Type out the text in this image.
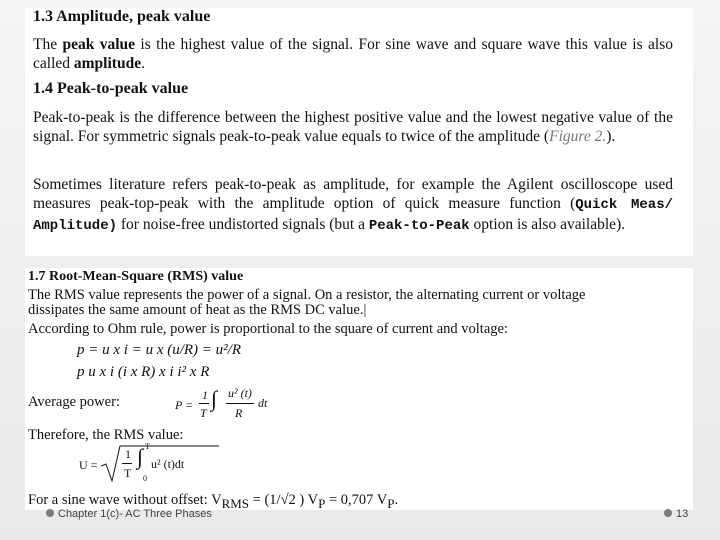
1.3 Amplitude, peak value
The peak value is the highest value of the signal. For sine wave and square wave this value is also called amplitude.
1.4 Peak-to-peak value
Peak-to-peak is the difference between the highest positive value and the lowest negative value of the signal. For symmetric signals peak-to-peak value equals to twice of the amplitude (Figure 2.).
Sometimes literature refers peak-to-peak as amplitude, for example the Agilent oscilloscope used measures peak-top-peak with the amplitude option of quick measure function (Quick Meas/ Amplitude) for noise-free undistorted signals (but a Peak-to-Peak option is also available).
1.7 Root-Mean-Square (RMS) value
The RMS value represents the power of a signal. On a resistor, the alternating current or voltage
dissipates the same amount of heat as the RMS DC value.|
According to Ohm rule, power is proportional to the square of current and voltage:
p = u x i = u x (u/R) = u²/R
p u x i (i x R) x i i² x R
Average power:	P =
1
T
∫ u² (t)
R
dt
Therefore, the RMS value:
U =
1
T
∫ T
0
u² (t)dt
For a sine wave without offset: $V_{RMS} = (1/√2$ ) $V_P = 0,707$ $V_P$.
Chapter 1(c)- AC Three Phases	13
